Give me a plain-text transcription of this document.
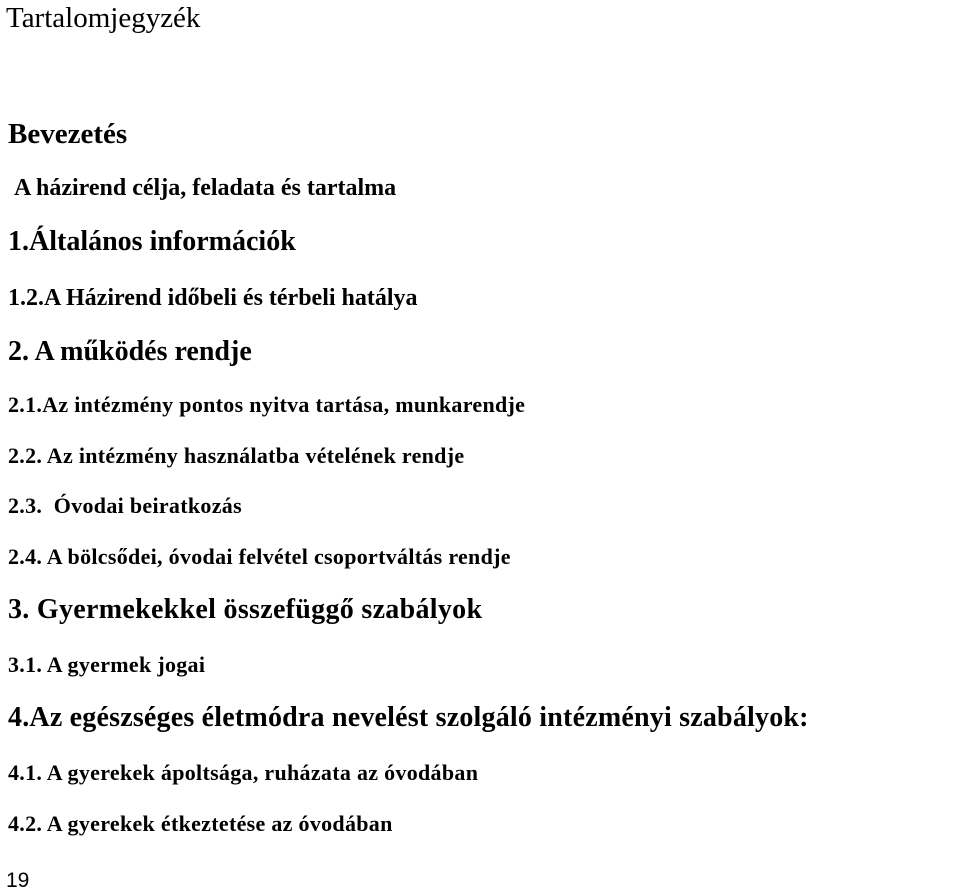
Tartalomjegyzék
Bevezetés
A házirend célja, feladata és tartalma
1.Általános információk
1.2.A Házirend időbeli és térbeli hatálya
2. A működés rendje
2.1.Az intézmény pontos nyitva tartása, munkarendje
2.2. Az intézmény használatba vételének rendje
2.3.  Óvodai beiratkozás
2.4. A bölcsődei, óvodai felvétel csoportváltás rendje
3. Gyermekekkel összefüggő szabályok
3.1. A gyermek jogai
4.Az egészséges életmódra nevelést szolgáló intézményi szabályok:
4.1. A gyerekek ápoltsága, ruházata az óvodában
4.2. A gyerekek étkeztetése az óvodában
19
